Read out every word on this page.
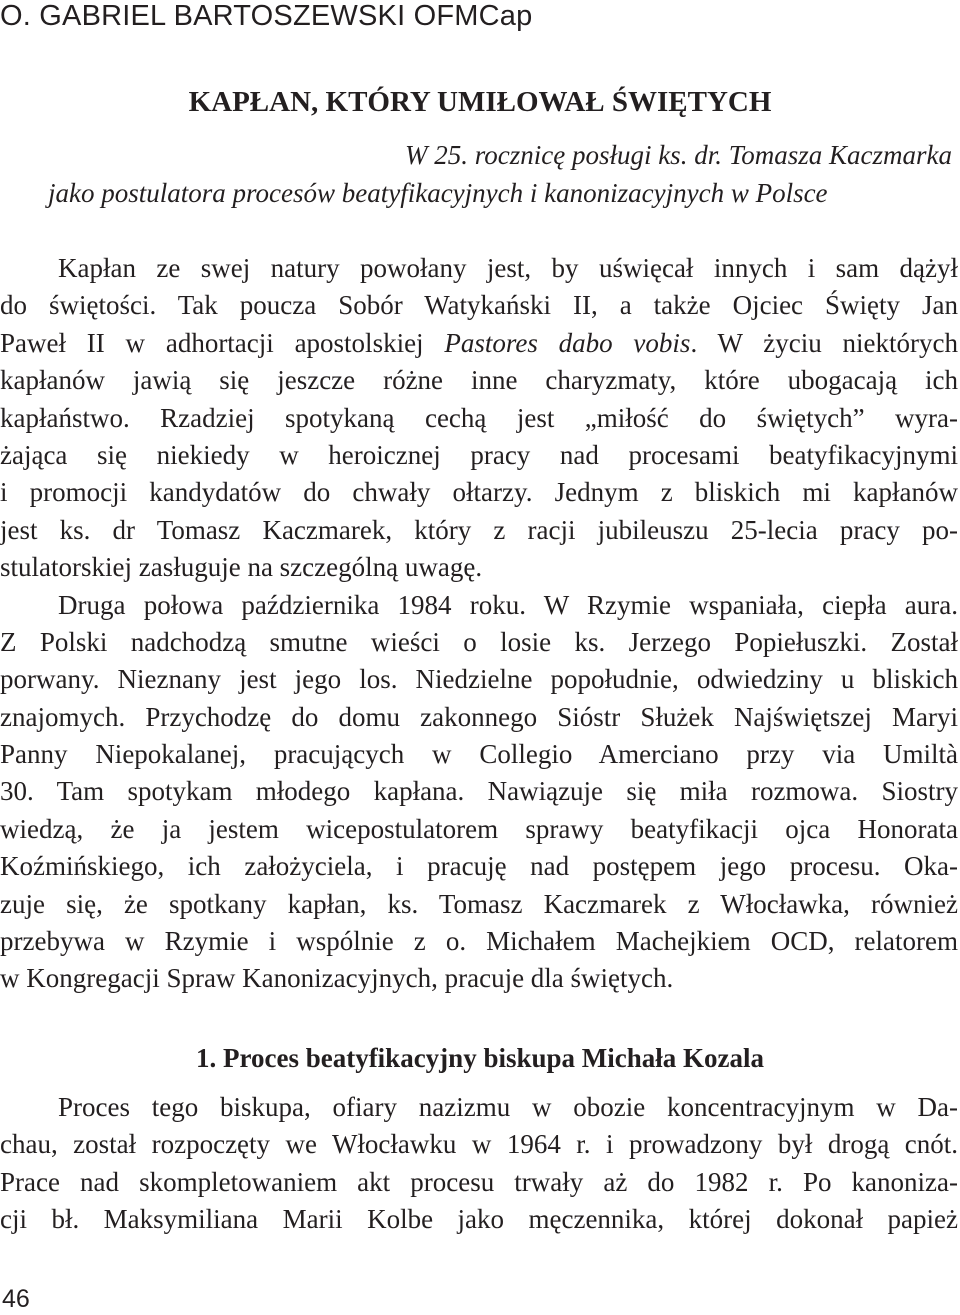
O. GABRIEL BARTOSZEWSKI OFMCap
KAPŁAN, KTÓRY UMIŁOWAŁ ŚWIĘTYCH
W 25. rocznicę posługi ks. dr. Tomasza Kaczmarka
jako postulatora procesów beatyfikacyjnych i kanonizacyjnych w Polsce
Kapłan ze swej natury powołany jest, by uświęcał innych i sam dążył
do świętości. Tak poucza Sobór Watykański II, a także Ojciec Święty Jan
Paweł II w adhortacji apostolskiej Pastores dabo vobis. W życiu niektórych
kapłanów jawią się jeszcze różne inne charyzmaty, które ubogacają ich
kapłaństwo. Rzadziej spotykaną cechą jest „miłość do świętych” wyra-
żająca się niekiedy w heroicznej pracy nad procesami beatyfikacyjnymi
i promocji kandydatów do chwały ołtarzy. Jednym z bliskich mi kapłanów
jest ks. dr Tomasz Kaczmarek, który z racji jubileuszu 25-lecia pracy po-
stulatorskiej zasługuje na szczególną uwagę.
Druga połowa października 1984 roku. W Rzymie wspaniała, ciepła aura.
Z Polski nadchodzą smutne wieści o losie ks. Jerzego Popiełuszki. Został
porwany. Nieznany jest jego los. Niedzielne popołudnie, odwiedziny u bliskich
znajomych. Przychodzę do domu zakonnego Sióstr Służek Najświętszej Maryi
Panny Niepokalanej, pracujących w Collegio Amerciano przy via Umiltà
30. Tam spotykam młodego kapłana. Nawiązuje się miła rozmowa. Siostry
wiedzą, że ja jestem wicepostulatorem sprawy beatyfikacji ojca Honorata
Koźmińskiego, ich założyciela, i pracuję nad postępem jego procesu. Oka-
zuje się, że spotkany kapłan, ks. Tomasz Kaczmarek z Włocławka, również
przebywa w Rzymie i wspólnie z o. Michałem Machejkiem OCD, relatorem
w Kongregacji Spraw Kanonizacyjnych, pracuje dla świętych.
1. Proces beatyfikacyjny biskupa Michała Kozala
Proces tego biskupa, ofiary nazizmu w obozie koncentracyjnym w Da-
chau, został rozpoczęty we Włocławku w 1964 r. i prowadzony był drogą cnót.
Prace nad skompletowaniem akt procesu trwały aż do 1982 r. Po kanoniza-
cji bł. Maksymiliana Marii Kolbe jako męczennika, której dokonał papież
46
